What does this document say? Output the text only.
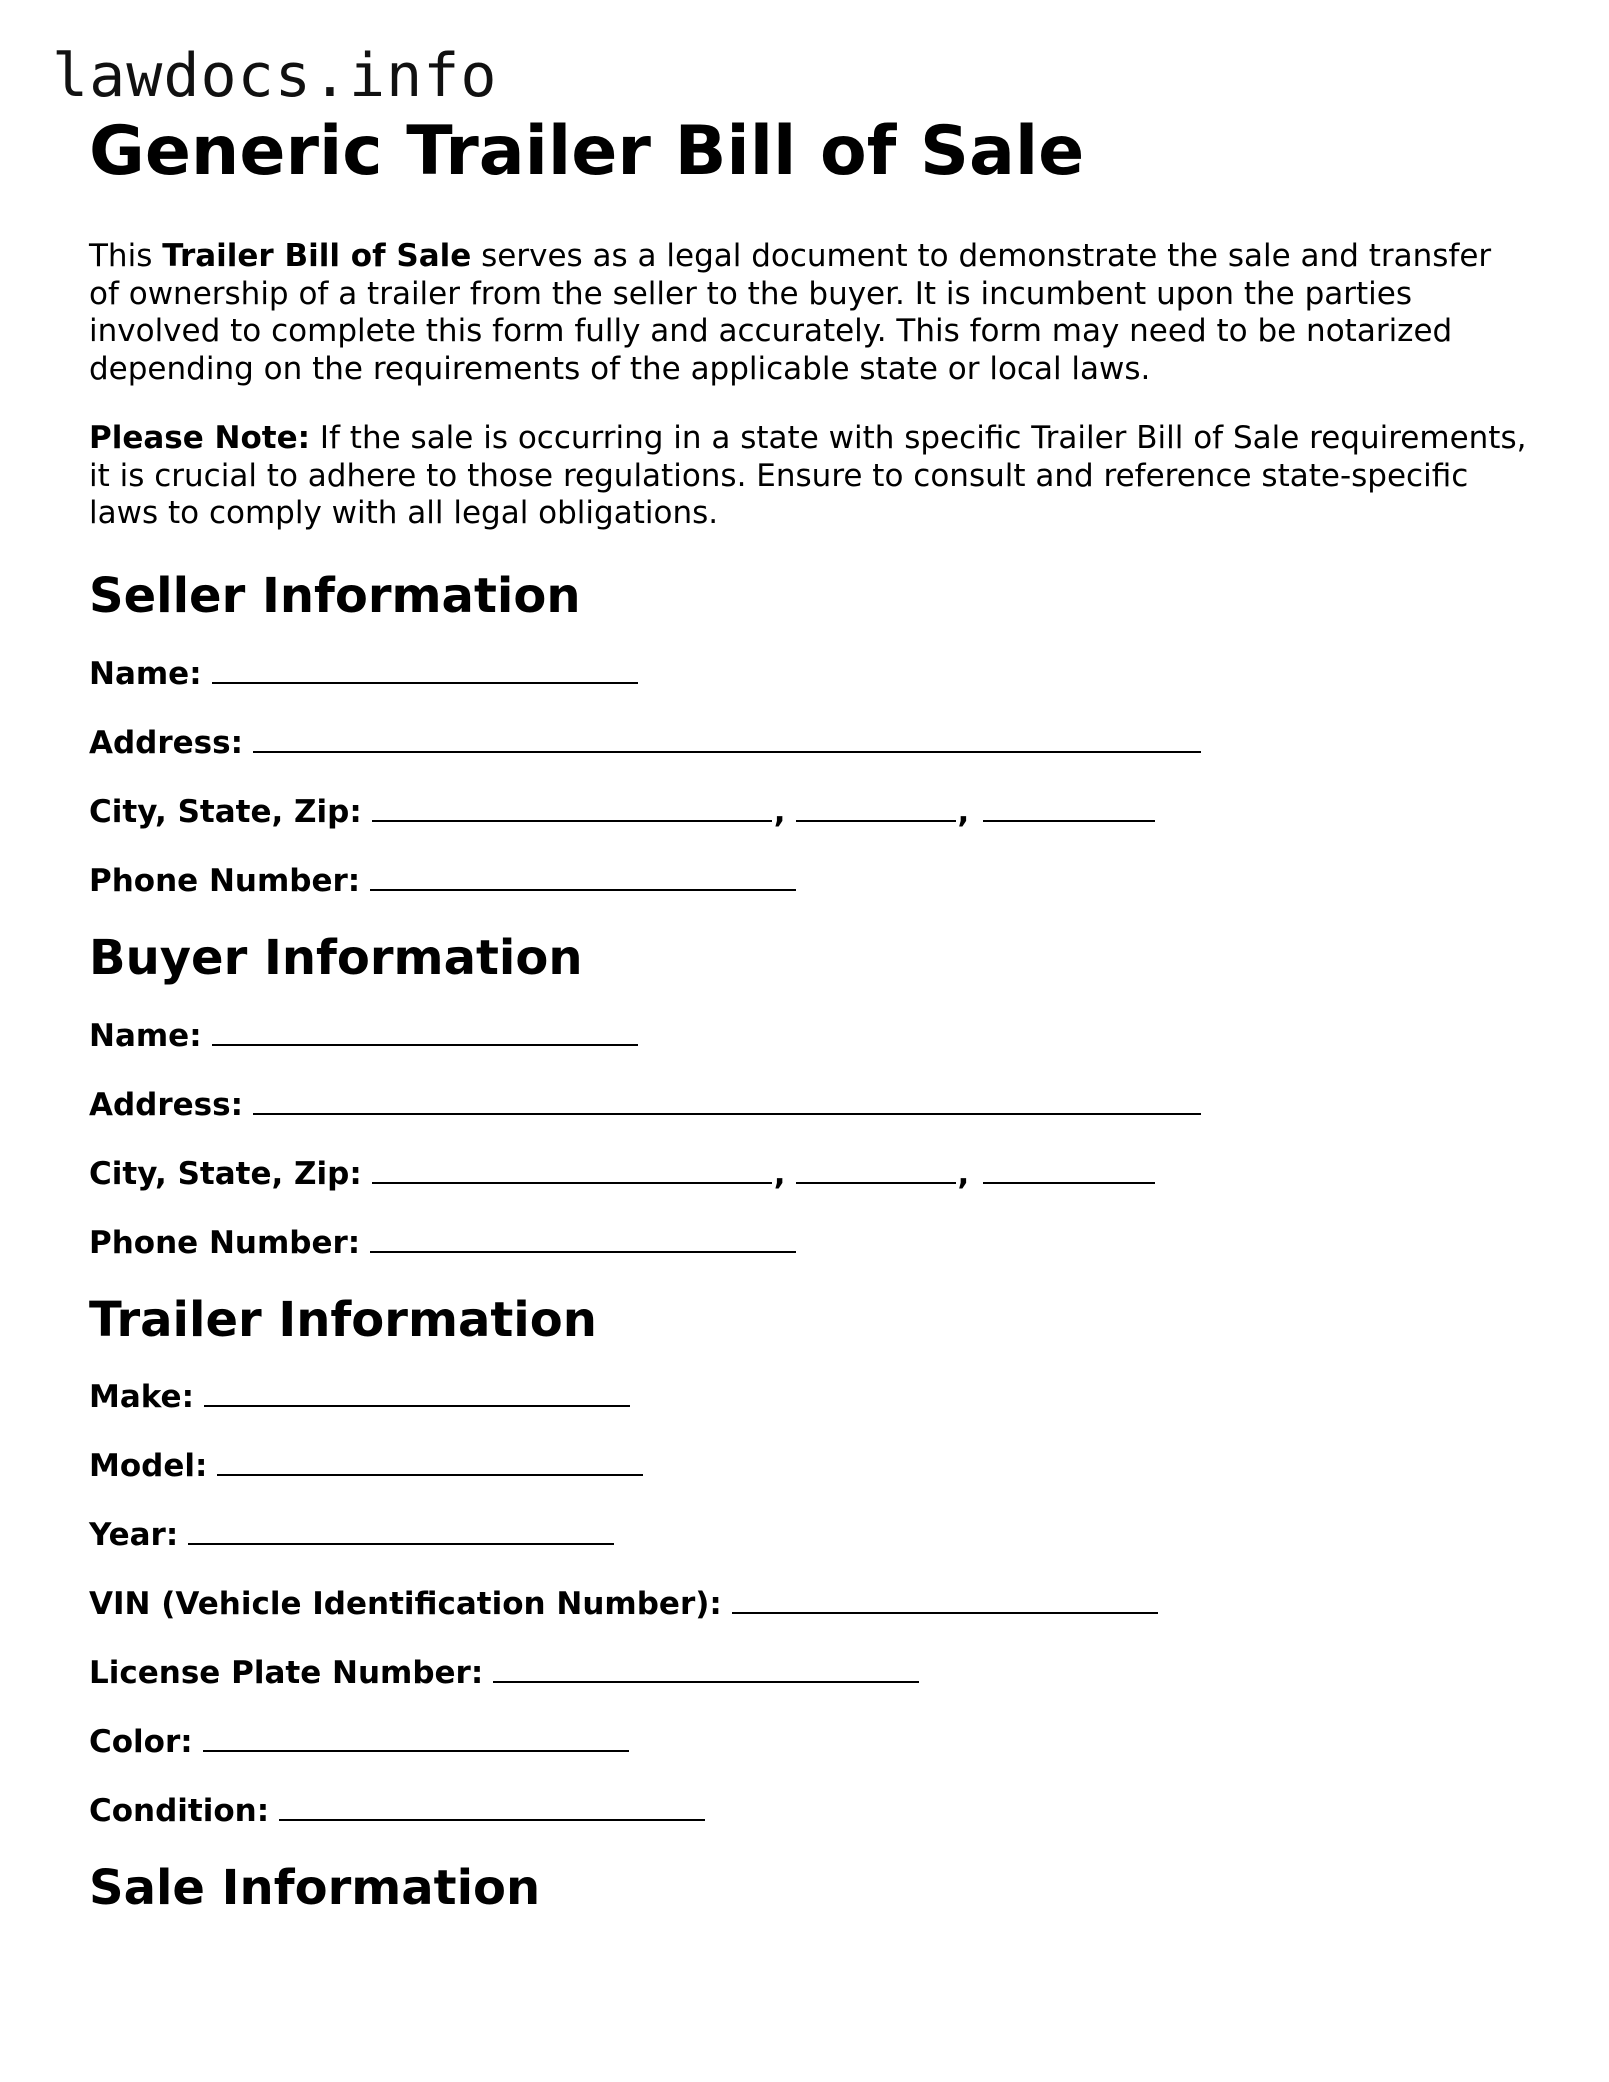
lawdocs.info
Generic Trailer Bill of Sale

This Trailer Bill of Sale serves as a legal document to demonstrate the sale and transfer of ownership of a trailer from the seller to the buyer. It is incumbent upon the parties involved to complete this form fully and accurately. This form may need to be notarized depending on the requirements of the applicable state or local laws.

Please Note: If the sale is occurring in a state with specific Trailer Bill of Sale requirements, it is crucial to adhere to those regulations. Ensure to consult and reference state-specific laws to comply with all legal obligations.

Seller Information
Name:
Address:
City, State, Zip:	,	,
Phone Number:
Buyer Information
Name:
Address:
City, State, Zip:	,	,
Phone Number:
Trailer Information
Make:
Model:
Year:
VIN (Vehicle Identification Number):
License Plate Number:
Color:
Condition:
Sale Information
